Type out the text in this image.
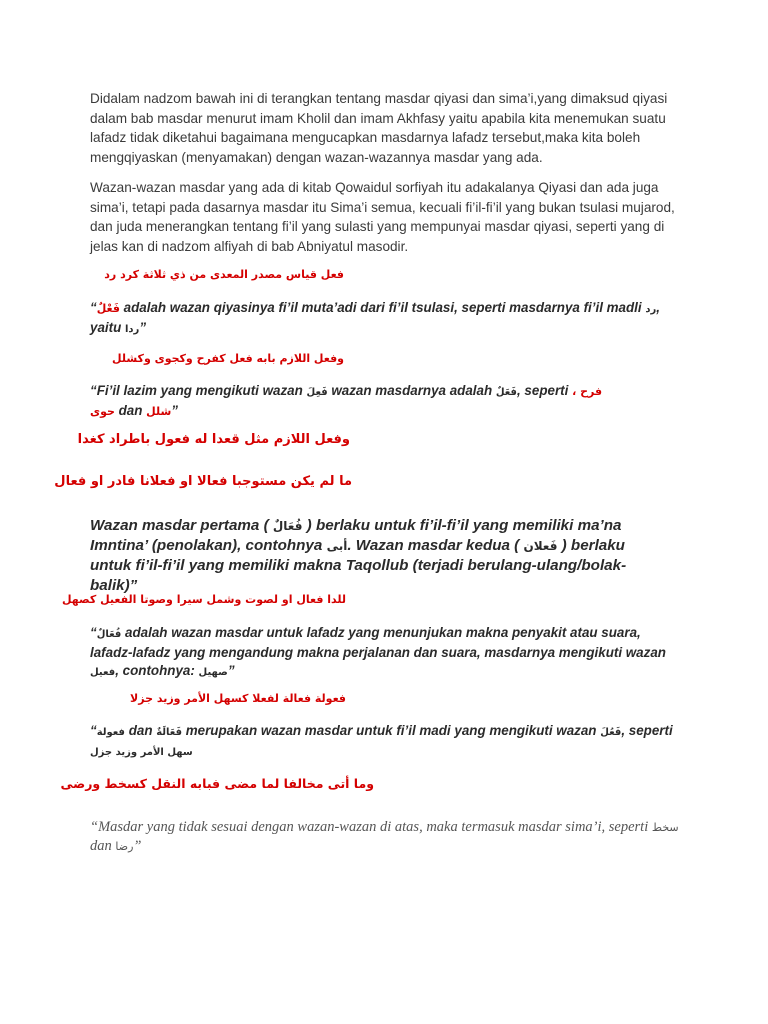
Didalam nadzom bawah ini di terangkan tentang masdar qiyasi dan sima’i,yang dimaksud qiyasi dalam bab masdar menurut imam Kholil dan imam Akhfasy yaitu apabila kita menemukan suatu lafadz tidak diketahui bagaimana mengucapkan masdarnya lafadz tersebut,maka kita boleh mengqiyaskan (menyamakan) dengan wazan-wazannya masdar yang ada.

Wazan-wazan masdar yang ada di kitab Qowaidul sorfiyah itu adakalanya Qiyasi dan ada juga sima’i, tetapi pada dasarnya masdar itu Sima’i semua, kecuali fi’il-fi’il yang bukan tsulasi mujarod, dan juda menerangkan tentang fi’il yang sulasti yang mempunyai masdar qiyasi, seperti yang di jelas kan di nadzom alfiyah di bab Abniyatul masodir.

فعل قياس مصدر المعدى من ذي ثلاثة كرد رد

“فَعْلٌ adalah wazan qiyasinya fi’il muta’adi dari fi’il tsulasi, seperti masdarnya fi’il madli رد, yaitu ردا”

وفعل اللازم بابه فعل كفرح وكجوى وكشلل

“Fi’il lazim yang mengikuti wazan فَعِلَ wazan masdarnya adalah فَعَلٌ, seperti فرح ،
حوى dan شلل”

وفعل اللازم مثل قعدا له فعول باطراد كغدا

ما لم يكن مستوجبا فعالا او فعلانا فادر او فعال

Wazan masdar pertama ( فُعَالٌ ) berlaku untuk fi’il-fi’il yang memiliki ma’na Imntina’ (penolakan), contohnya أبى. Wazan masdar kedua ( فَعلان ) berlaku untuk fi’il-fi’il yang memiliki makna Taqollub (terjadi berulang-ulang/bolak-balik)”

للدا فعال او لصوت وشمل سيرا وصوتا الفعيل كصهل

“فُعَالٌ adalah wazan masdar untuk lafadz yang menunjukan makna penyakit atau suara, lafadz-lafadz yang mengandung makna perjalanan dan suara, masdarnya mengikuti wazan فعيل, contohnya: صهيل”

فعولة فعالة لفعلا كسهل الأمر وزيد جزلا

“فعولة dan فَعَالَةٌ merupakan wazan masdar untuk fi’il madi yang mengikuti wazan فَعُلَ, seperti سهل الأمر وزيد جزل

وما أتى مخالفا لما مضى فبابه النقل كسخط ورضى

“Masdar yang tidak sesuai dengan wazan-wazan di atas, maka termasuk masdar sima’i, seperti سخط dan رضا”
